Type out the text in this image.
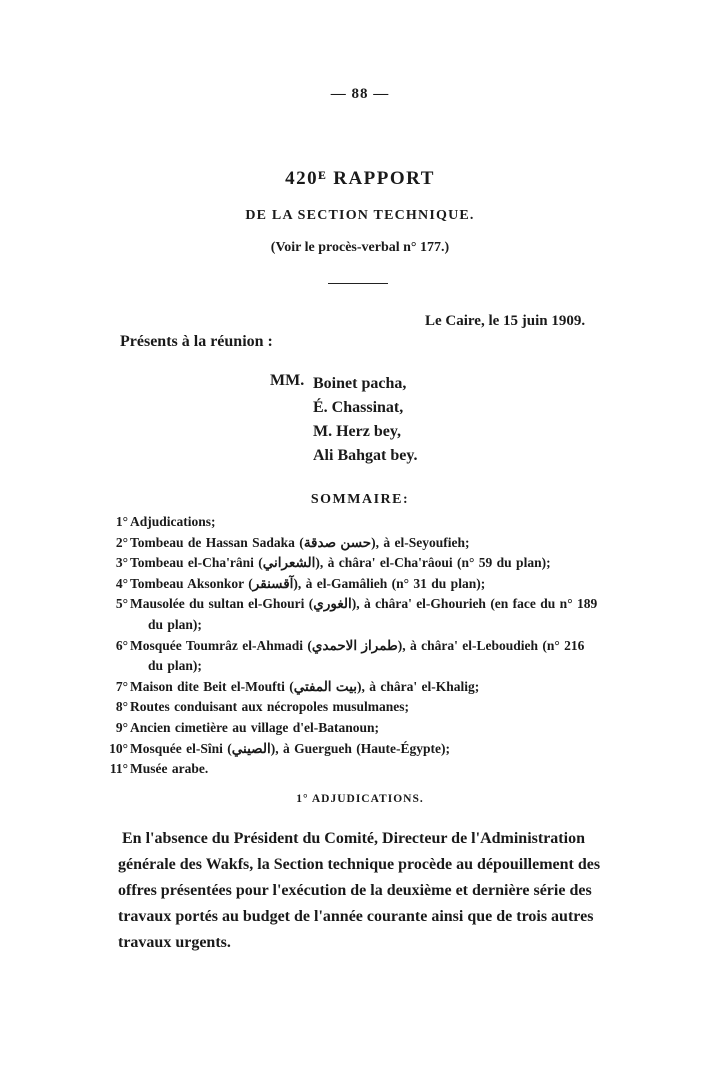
— 88 —
420ᴱ RAPPORT
DE LA SECTION TECHNIQUE.
(Voir le procès-verbal n° 177.)
Le Caire, le 15 juin 1909.
Présents à la réunion :
MM. Boinet pacha,
É. Chassinat,
M. Herz bey,
Ali Bahgat bey.
SOMMAIRE:
1° Adjudications;
2° Tombeau de Hassan Sadaka (حسن صدقة), à el-Seyoufieh;
3° Tombeau el-Cha'râni (الشعراني), à châra' el-Cha'râoui (n° 59 du plan);
4° Tombeau Aksonkor (آقسنقر), à el-Gamâlieh (n° 31 du plan);
5° Mausolée du sultan el-Ghouri (الغوري), à châra' el-Ghourieh (en face du n° 189
du plan);
6° Mosquée Toumrâz el-Ahmadi (طمراز الاحمدي), à châra' el-Leboudieh (n° 216
du plan);
7° Maison dite Beit el-Moufti (بيت المفتي), à châra' el-Khalig;
8° Routes conduisant aux nécropoles musulmanes;
9° Ancien cimetière au village d'el-Batanoun;
10° Mosquée el-Sîni (الصيني), à Guergueh (Haute-Égypte);
11° Musée arabe.
1° ADJUDICATIONS.

En l'absence du Président du Comité, Directeur de l'Administration
générale des Wakfs, la Section technique procède au dépouillement des
offres présentées pour l'exécution de la deuxième et dernière série des
travaux portés au budget de l'année courante ainsi que de trois autres
travaux urgents.
